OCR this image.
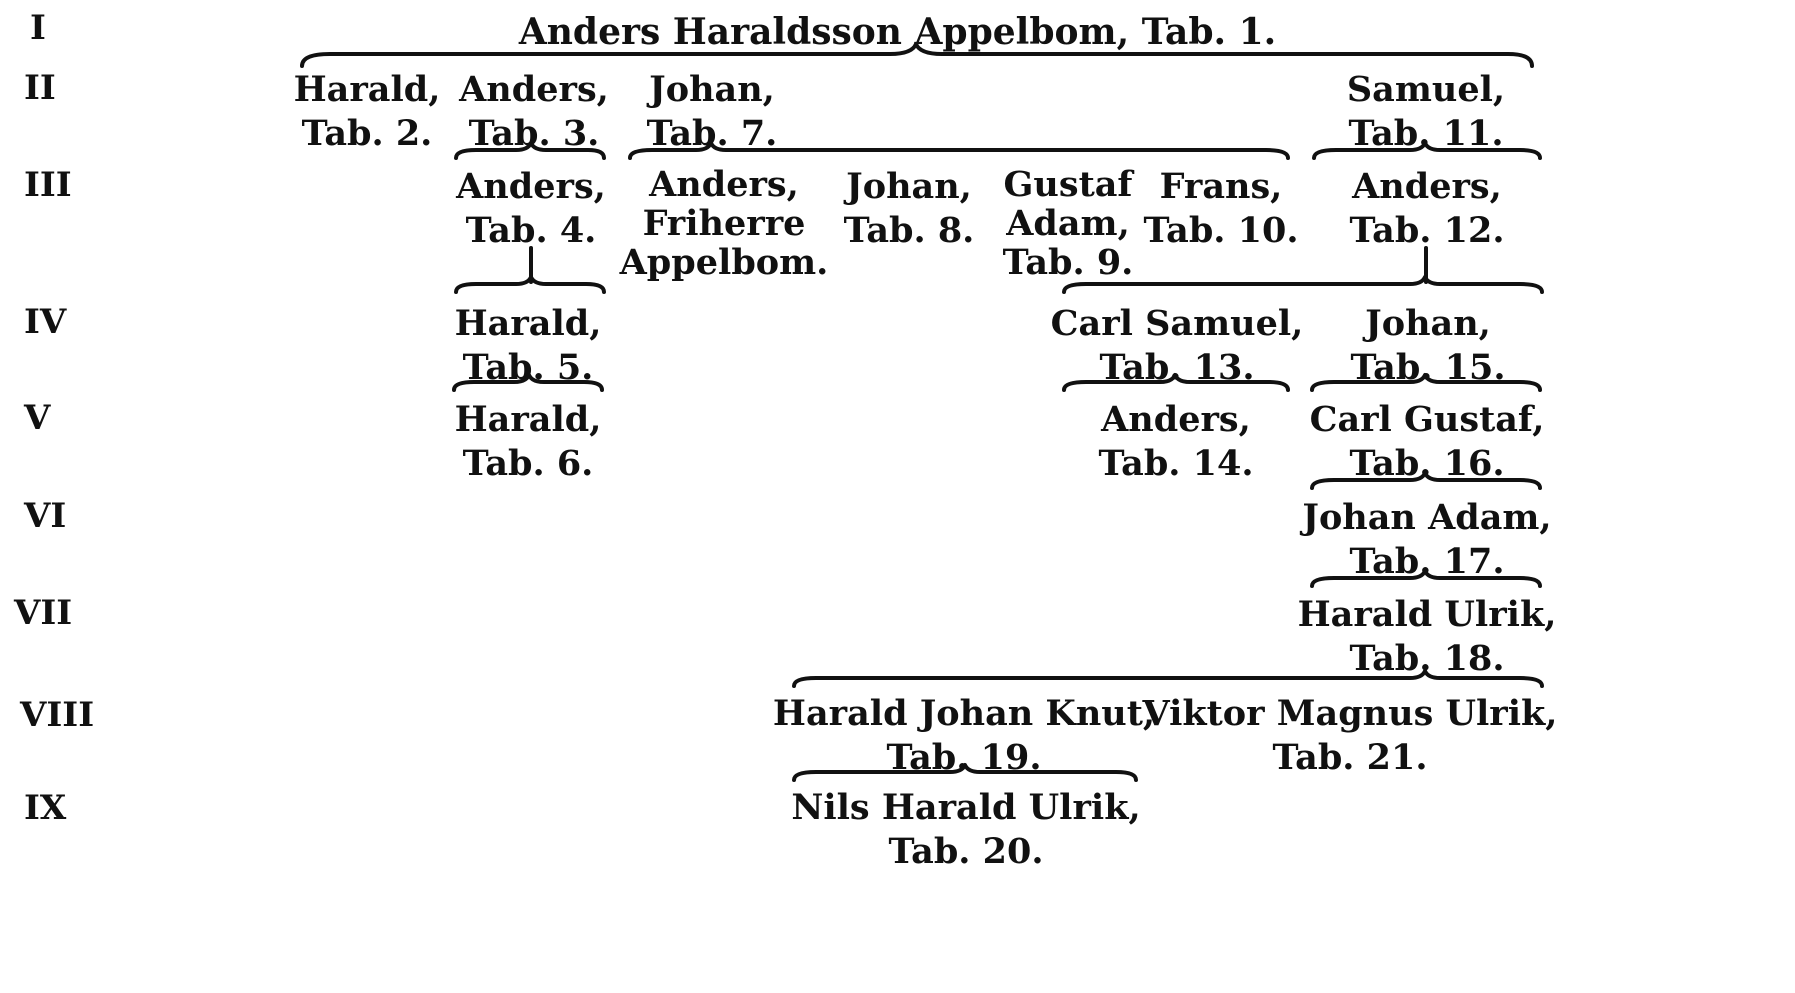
I
II
III
IV
V
VI
VII
VIII
IX
Anders Haraldsson Appelbom, Tab. 1.
Harald,
Tab. 2.
Anders,
Tab. 3.
Johan,
Tab. 7.
Samuel,
Tab. 11.
Anders,
Tab. 4.
Anders,
Friherre
Appelbom.
Johan,
Tab. 8.
Gustaf
Adam,
Tab. 9.
Frans,
Tab. 10.
Anders,
Tab. 12.
Harald,
Tab. 5.
Carl Samuel,
Tab. 13.
Johan,
Tab. 15.
Harald,
Tab. 6.
Anders,
Tab. 14.
Carl Gustaf,
Tab. 16.
Johan Adam,
Tab. 17.
Harald Ulrik,
Tab. 18.
Harald Johan Knut,
Tab. 19.
Viktor Magnus Ulrik,
Tab. 21.
Nils Harald Ulrik,
Tab. 20.
